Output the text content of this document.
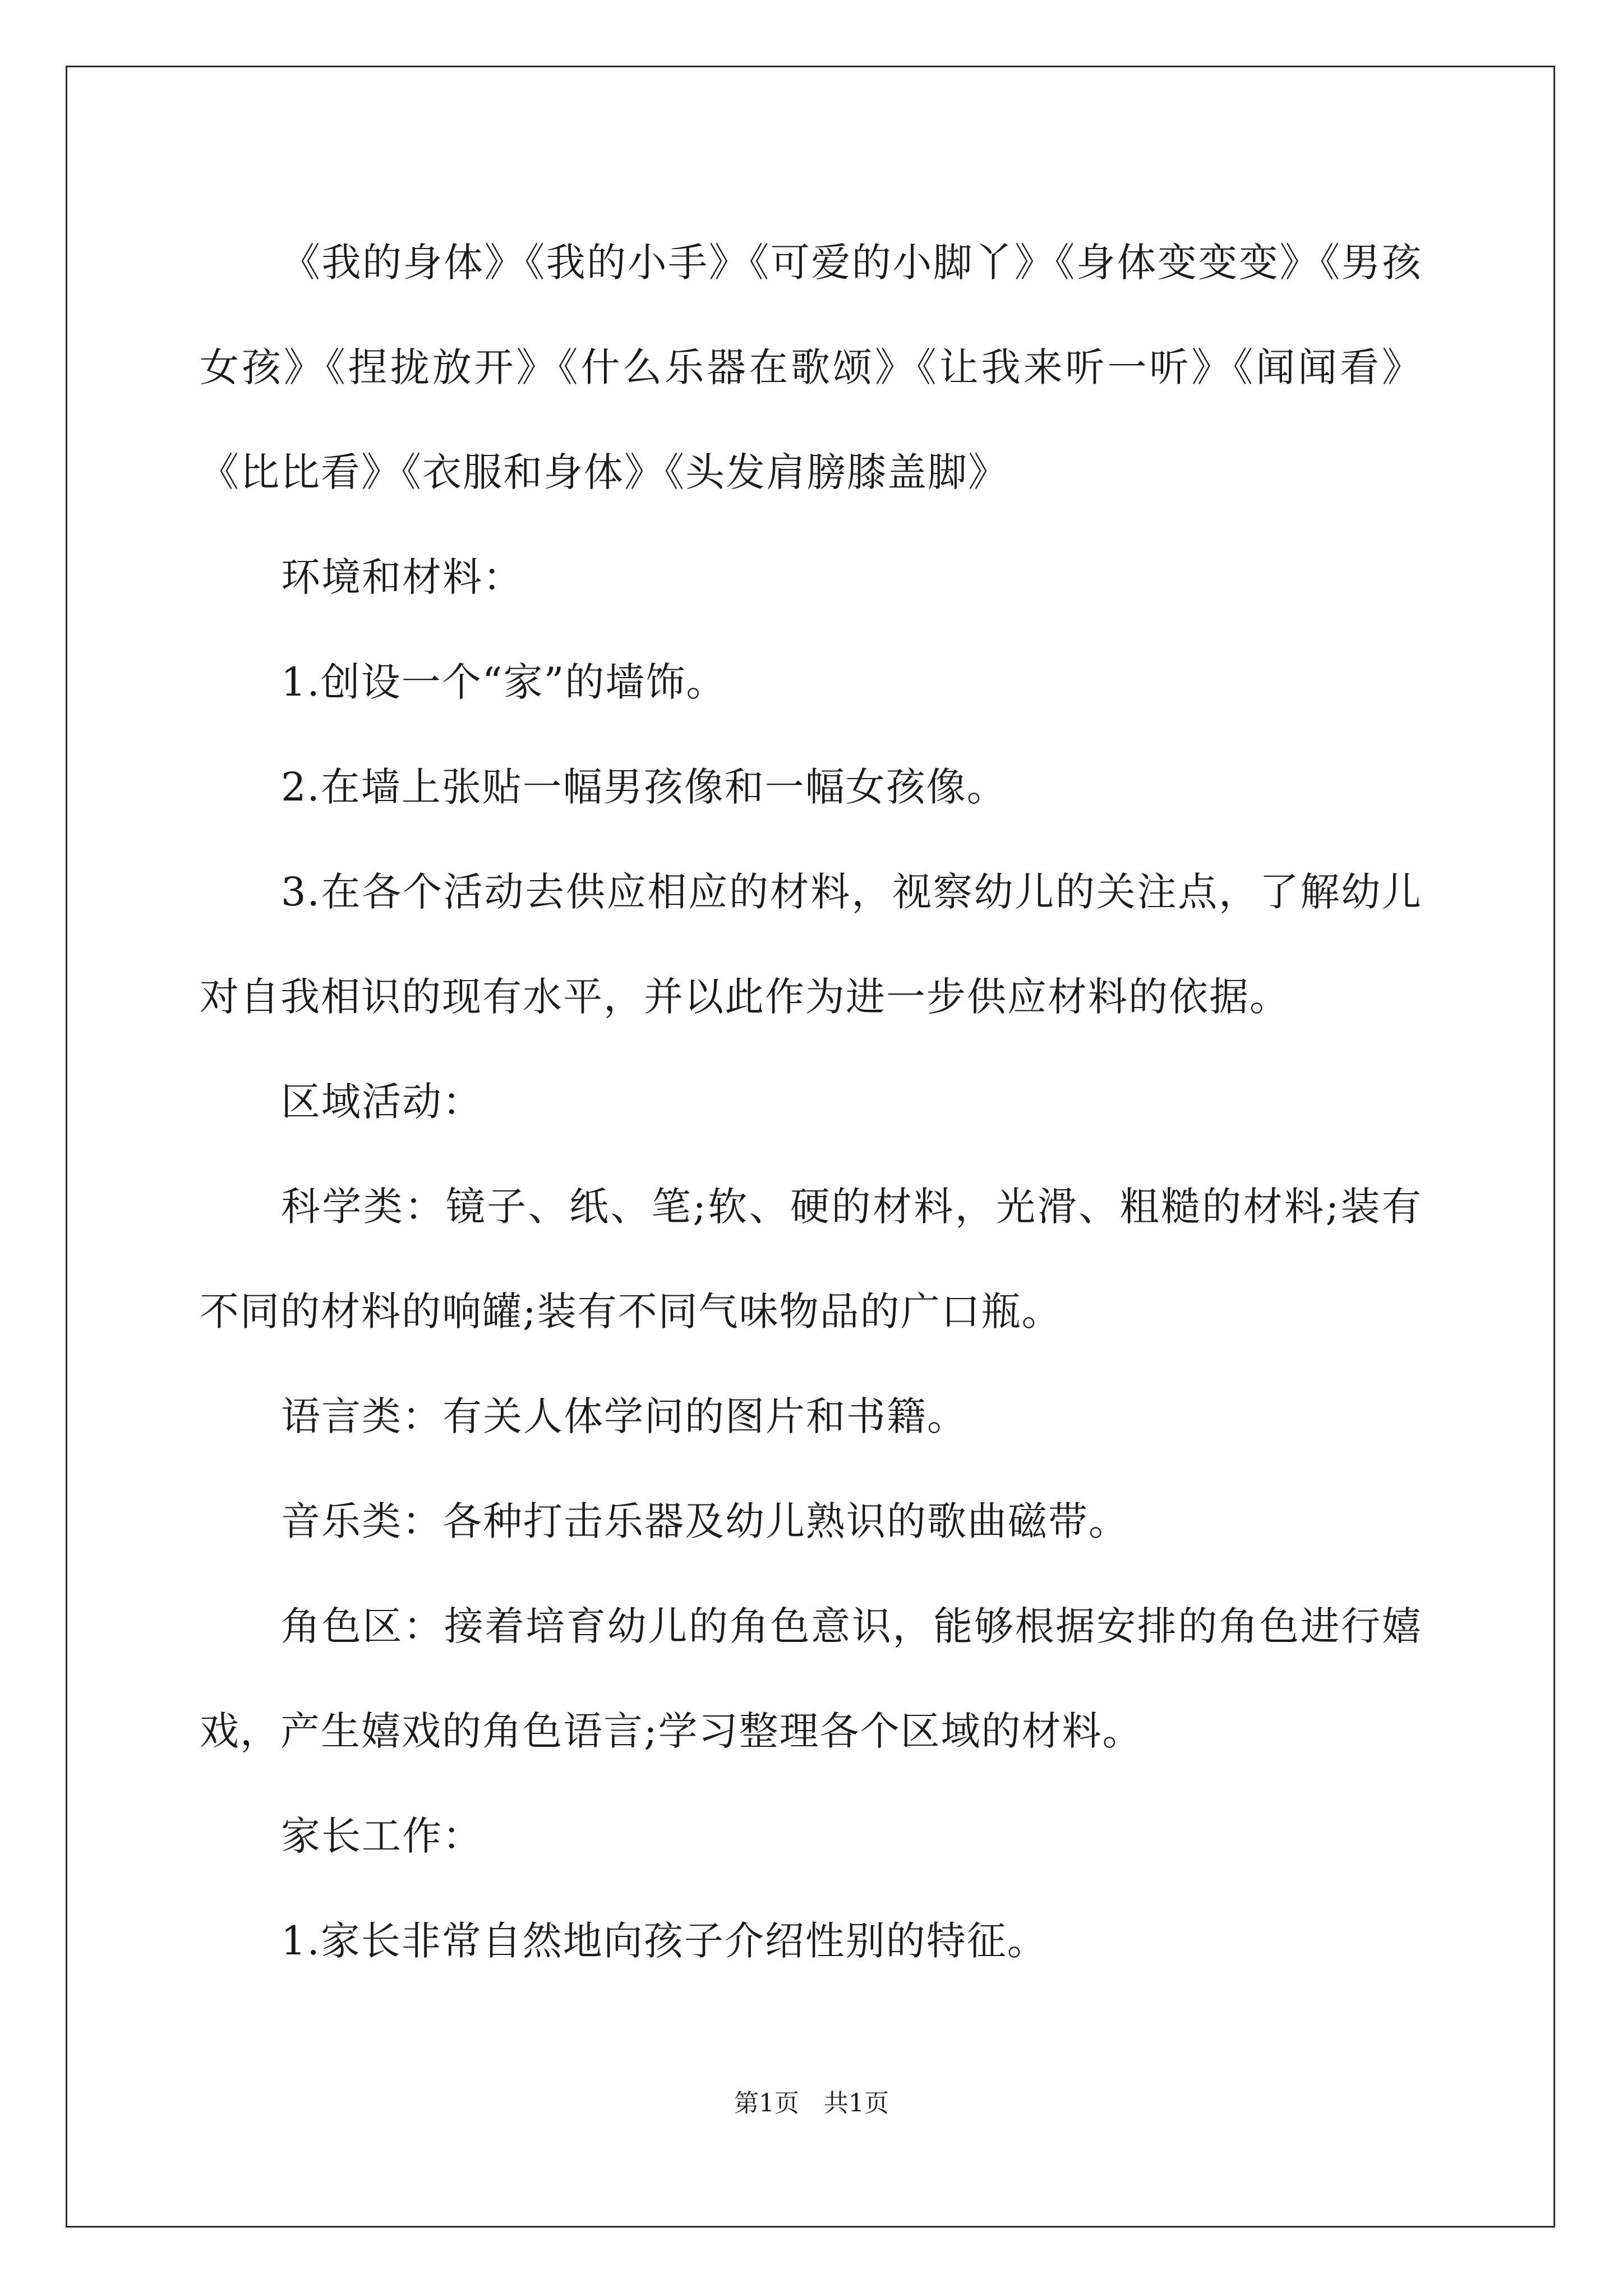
《我的身体》《我的小手》《可爱的小脚丫》《身体变变变》《男孩女孩》《捏拢放开》《什么乐器在歌颂》《让我来听一听》《闻闻看》《比比看》《衣服和身体》《头发肩膀膝盖脚》

环境和材料：

1.创设一个“家”的墙饰。

2.在墙上张贴一幅男孩像和一幅女孩像。

3.在各个活动去供应相应的材料，视察幼儿的关注点，了解幼儿对自我相识的现有水平，并以此作为进一步供应材料的依据。

区域活动：

科学类：镜子、纸、笔;软、硬的材料，光滑、粗糙的材料;装有不同的材料的响罐;装有不同气味物品的广口瓶。

语言类：有关人体学问的图片和书籍。

音乐类：各种打击乐器及幼儿熟识的歌曲磁带。

角色区：接着培育幼儿的角色意识，能够根据安排的角色进行嬉戏，产生嬉戏的角色语言;学习整理各个区域的材料。

家长工作：

1.家长非常自然地向孩子介绍性别的特征。

第1页　共1页
